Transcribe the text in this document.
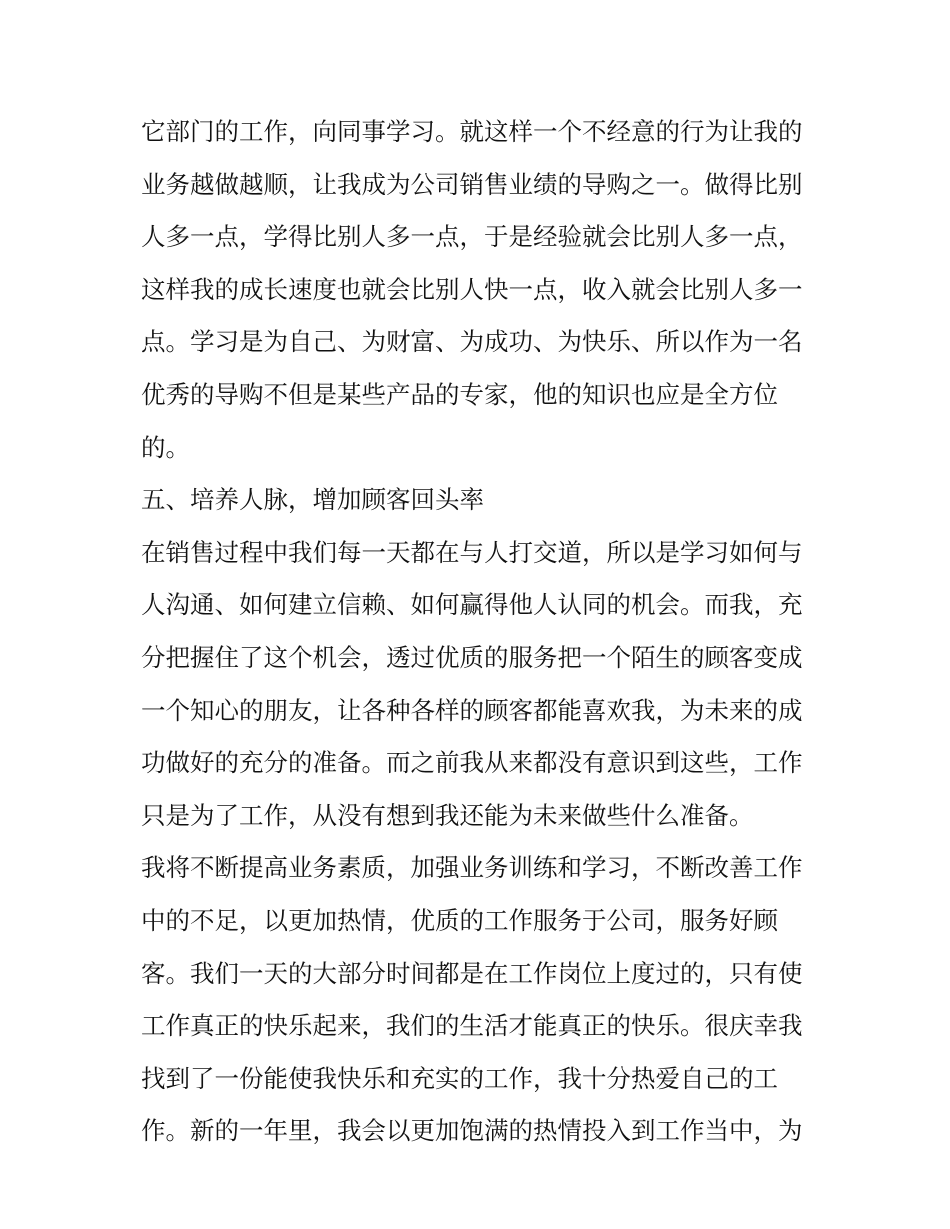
它部门的工作，向同事学习。就这样一个不经意的行为让我的
业务越做越顺，让我成为公司销售业绩的导购之一。做得比别
人多一点，学得比别人多一点，于是经验就会比别人多一点，
这样我的成长速度也就会比别人快一点，收入就会比别人多一
点。学习是为自己、为财富、为成功、为快乐、所以作为一名
优秀的导购不但是某些产品的专家，他的知识也应是全方位
的。
五、培养人脉，增加顾客回头率
在销售过程中我们每一天都在与人打交道，所以是学习如何与
人沟通、如何建立信赖、如何赢得他人认同的机会。而我，充
分把握住了这个机会，透过优质的服务把一个陌生的顾客变成
一个知心的朋友，让各种各样的顾客都能喜欢我，为未来的成
功做好的充分的准备。而之前我从来都没有意识到这些，工作
只是为了工作，从没有想到我还能为未来做些什么准备。
我将不断提高业务素质，加强业务训练和学习，不断改善工作
中的不足，以更加热情，优质的工作服务于公司，服务好顾
客。我们一天的大部分时间都是在工作岗位上度过的，只有使
工作真正的快乐起来，我们的生活才能真正的快乐。很庆幸我
找到了一份能使我快乐和充实的工作，我十分热爱自己的工
作。新的一年里，我会以更加饱满的热情投入到工作当中，为
